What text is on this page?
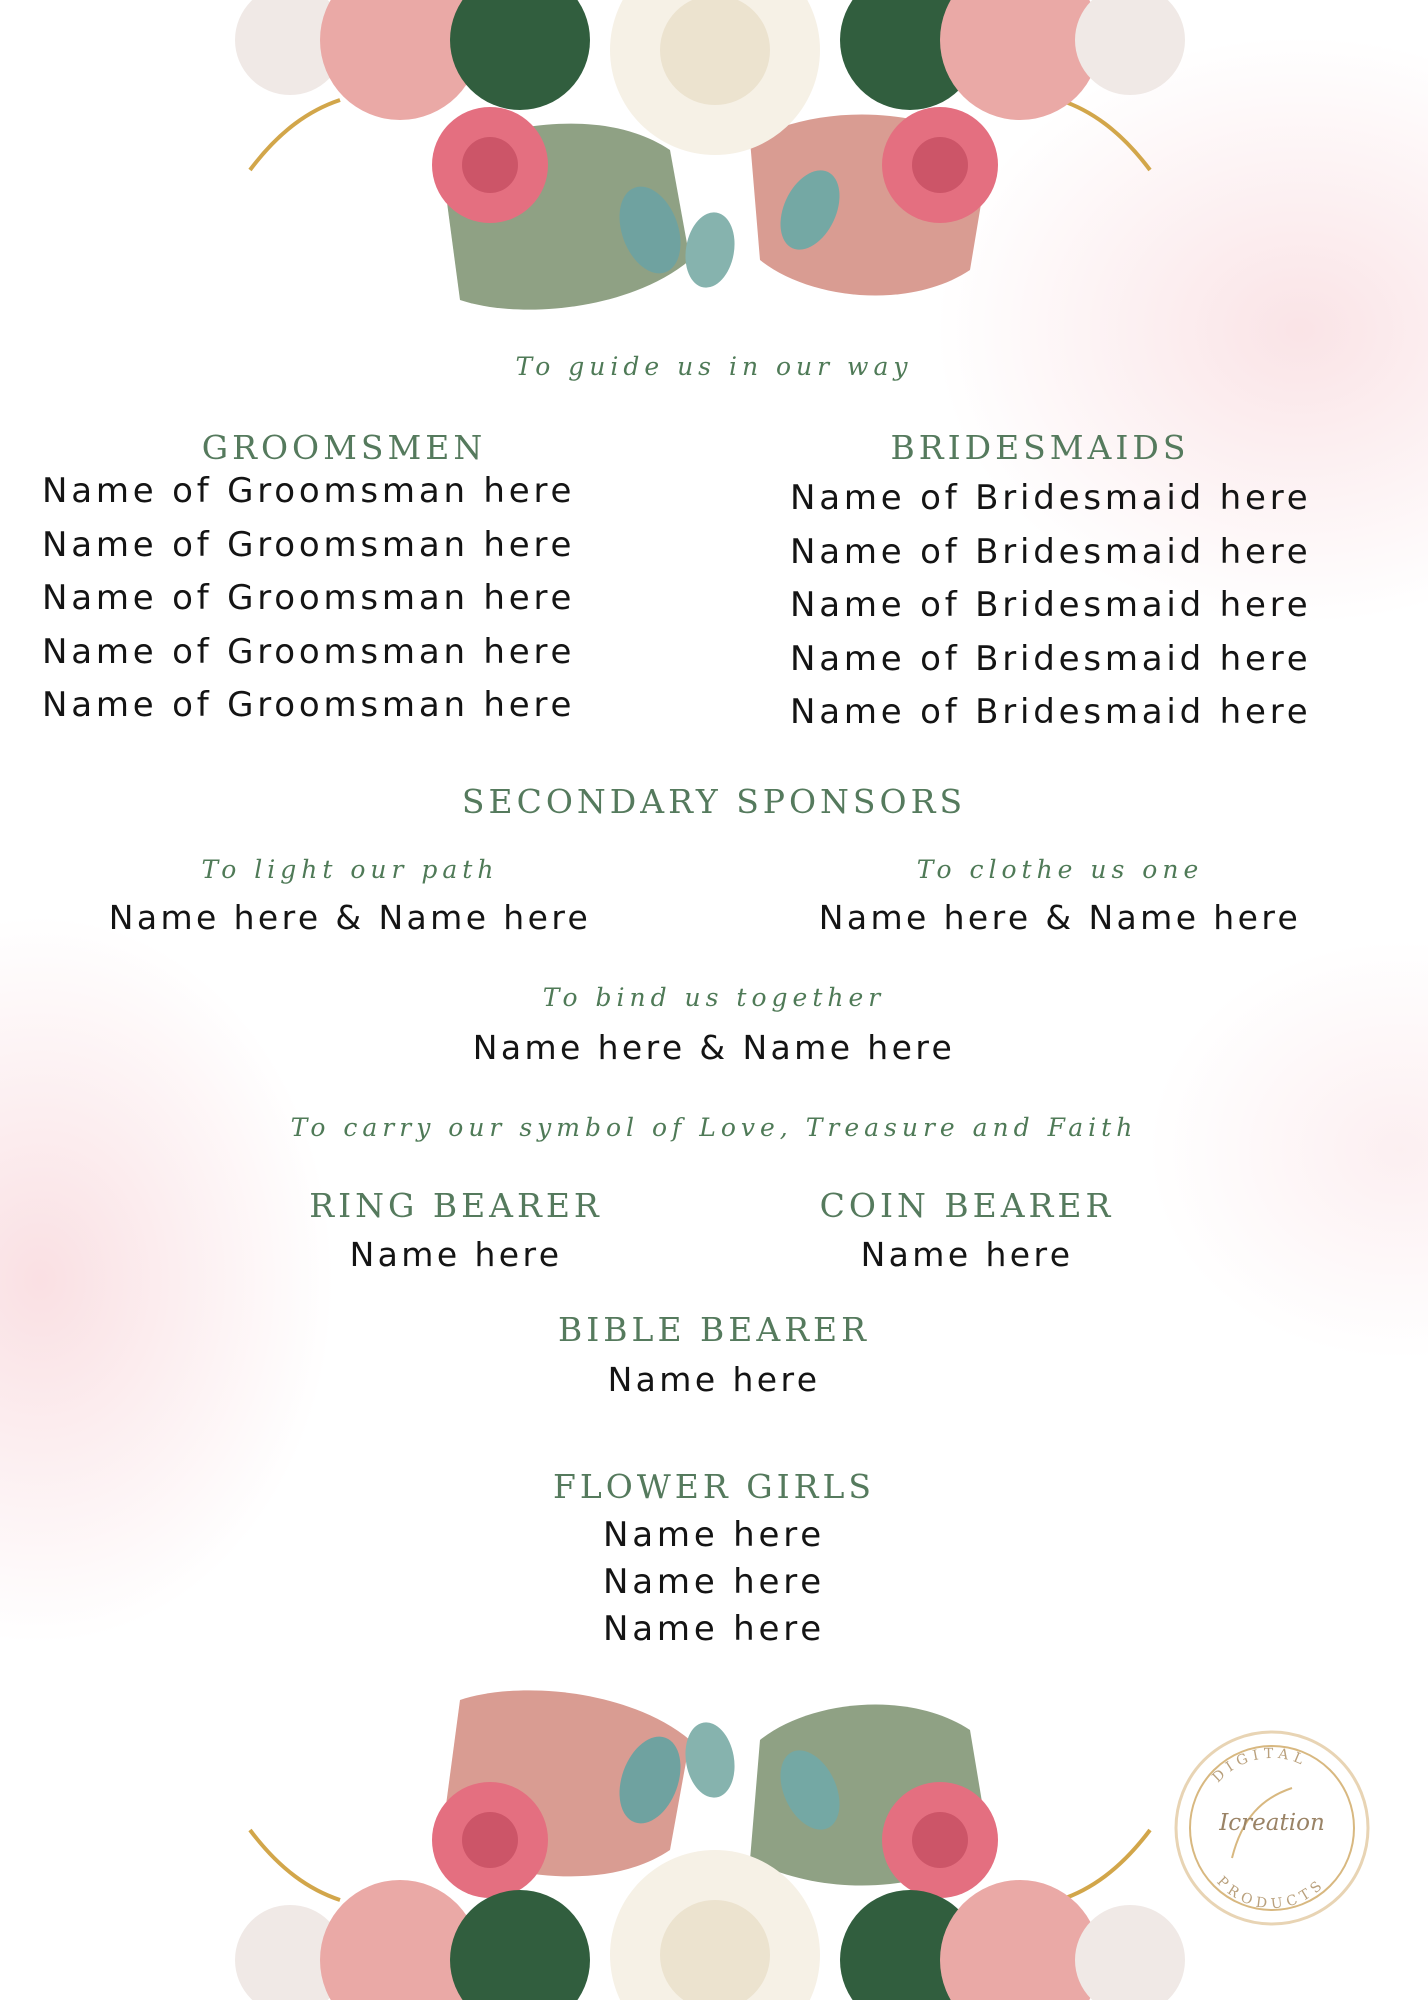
To guide us in our way

GROOMSMEN
Name of Groomsman here
Name of Groomsman here
Name of Groomsman here
Name of Groomsman here
Name of Groomsman here
BRIDESMAIDS
Name of Bridesmaid here
Name of Bridesmaid here
Name of Bridesmaid here
Name of Bridesmaid here
Name of Bridesmaid here
SECONDARY SPONSORS

To light our path

Name here & Name here

To clothe us one

Name here & Name here

To bind us together

Name here & Name here

To carry our symbol of Love, Treasure and Faith

RING BEARER

Name here

COIN BEARER

Name here

BIBLE BEARER

Name here

FLOWER GIRLS
Name here
Name here
Name here
DIGITAL
PRODUCTS

Icreation
